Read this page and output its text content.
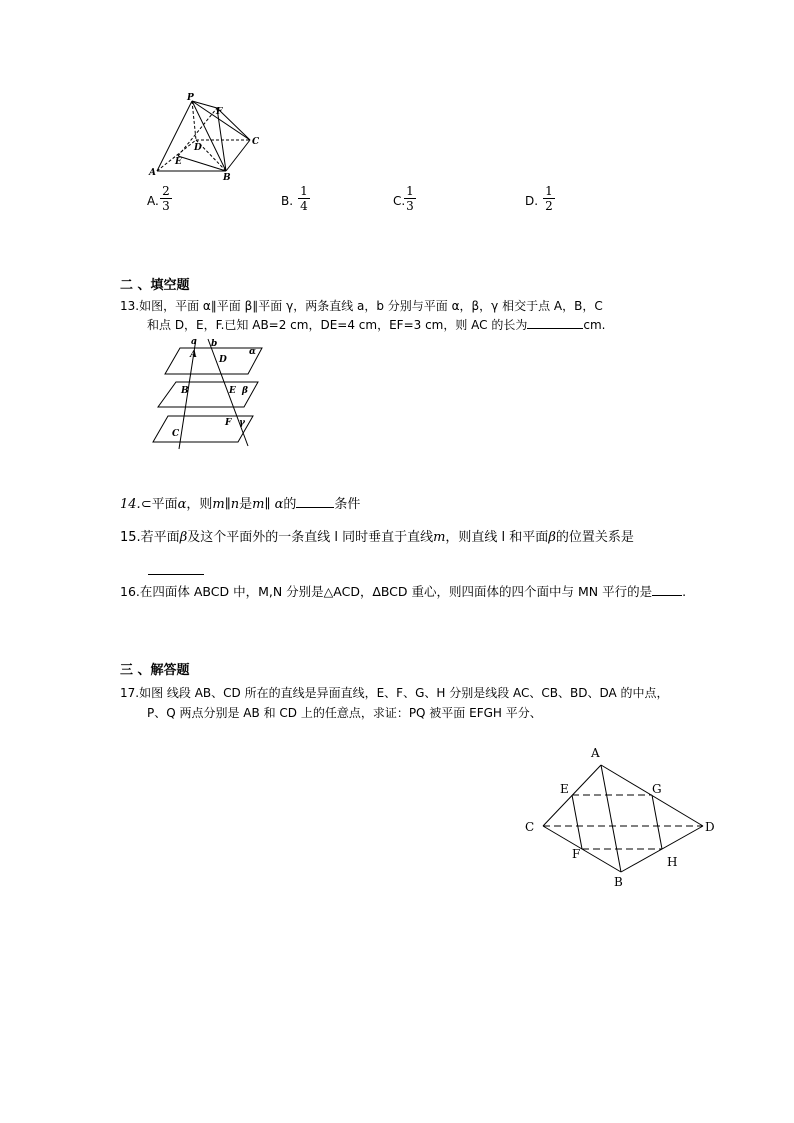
P
F
C
D
E
A	B
A. $\frac{2}{3}$	B. $\frac{1}{4}$	C.
$\frac{1}{3}$	D. $\frac{1}{2}$
二 、填空题
13.如图，平面 α∥平面 β∥平面 γ，两条直线 a，b 分别与平面 α，β，γ 相交于点 A，B，C
和点 D，E，F.已知 AB=2 cm，DE=4 cm，EF=3 cm，则 AC 的长为	cm.
a b
A D
α
B	E β
F γ
C
14.⊂平面α，则m∥n是m∥ α的	条件
15.若平面β及这个平面外的一条直线 l 同时垂直于直线m，则直线 l 和平面β的位置关系是
16.在四面体 ABCD 中，M,N 分别是△ACD，∆BCD 重心，则四面体的四个面中与 MN 平行的是 .
三 、解答题
17.如图 线段 AB、CD 所在的直线是异面直线，E、F、G、H 分别是线段 AC、CB、BD、DA 的中点，
P、Q 两点分别是 AB 和 CD 上的任意点，求证：PQ 被平面 EFGH 平分、
A
E	G
C	D
F
H
B
